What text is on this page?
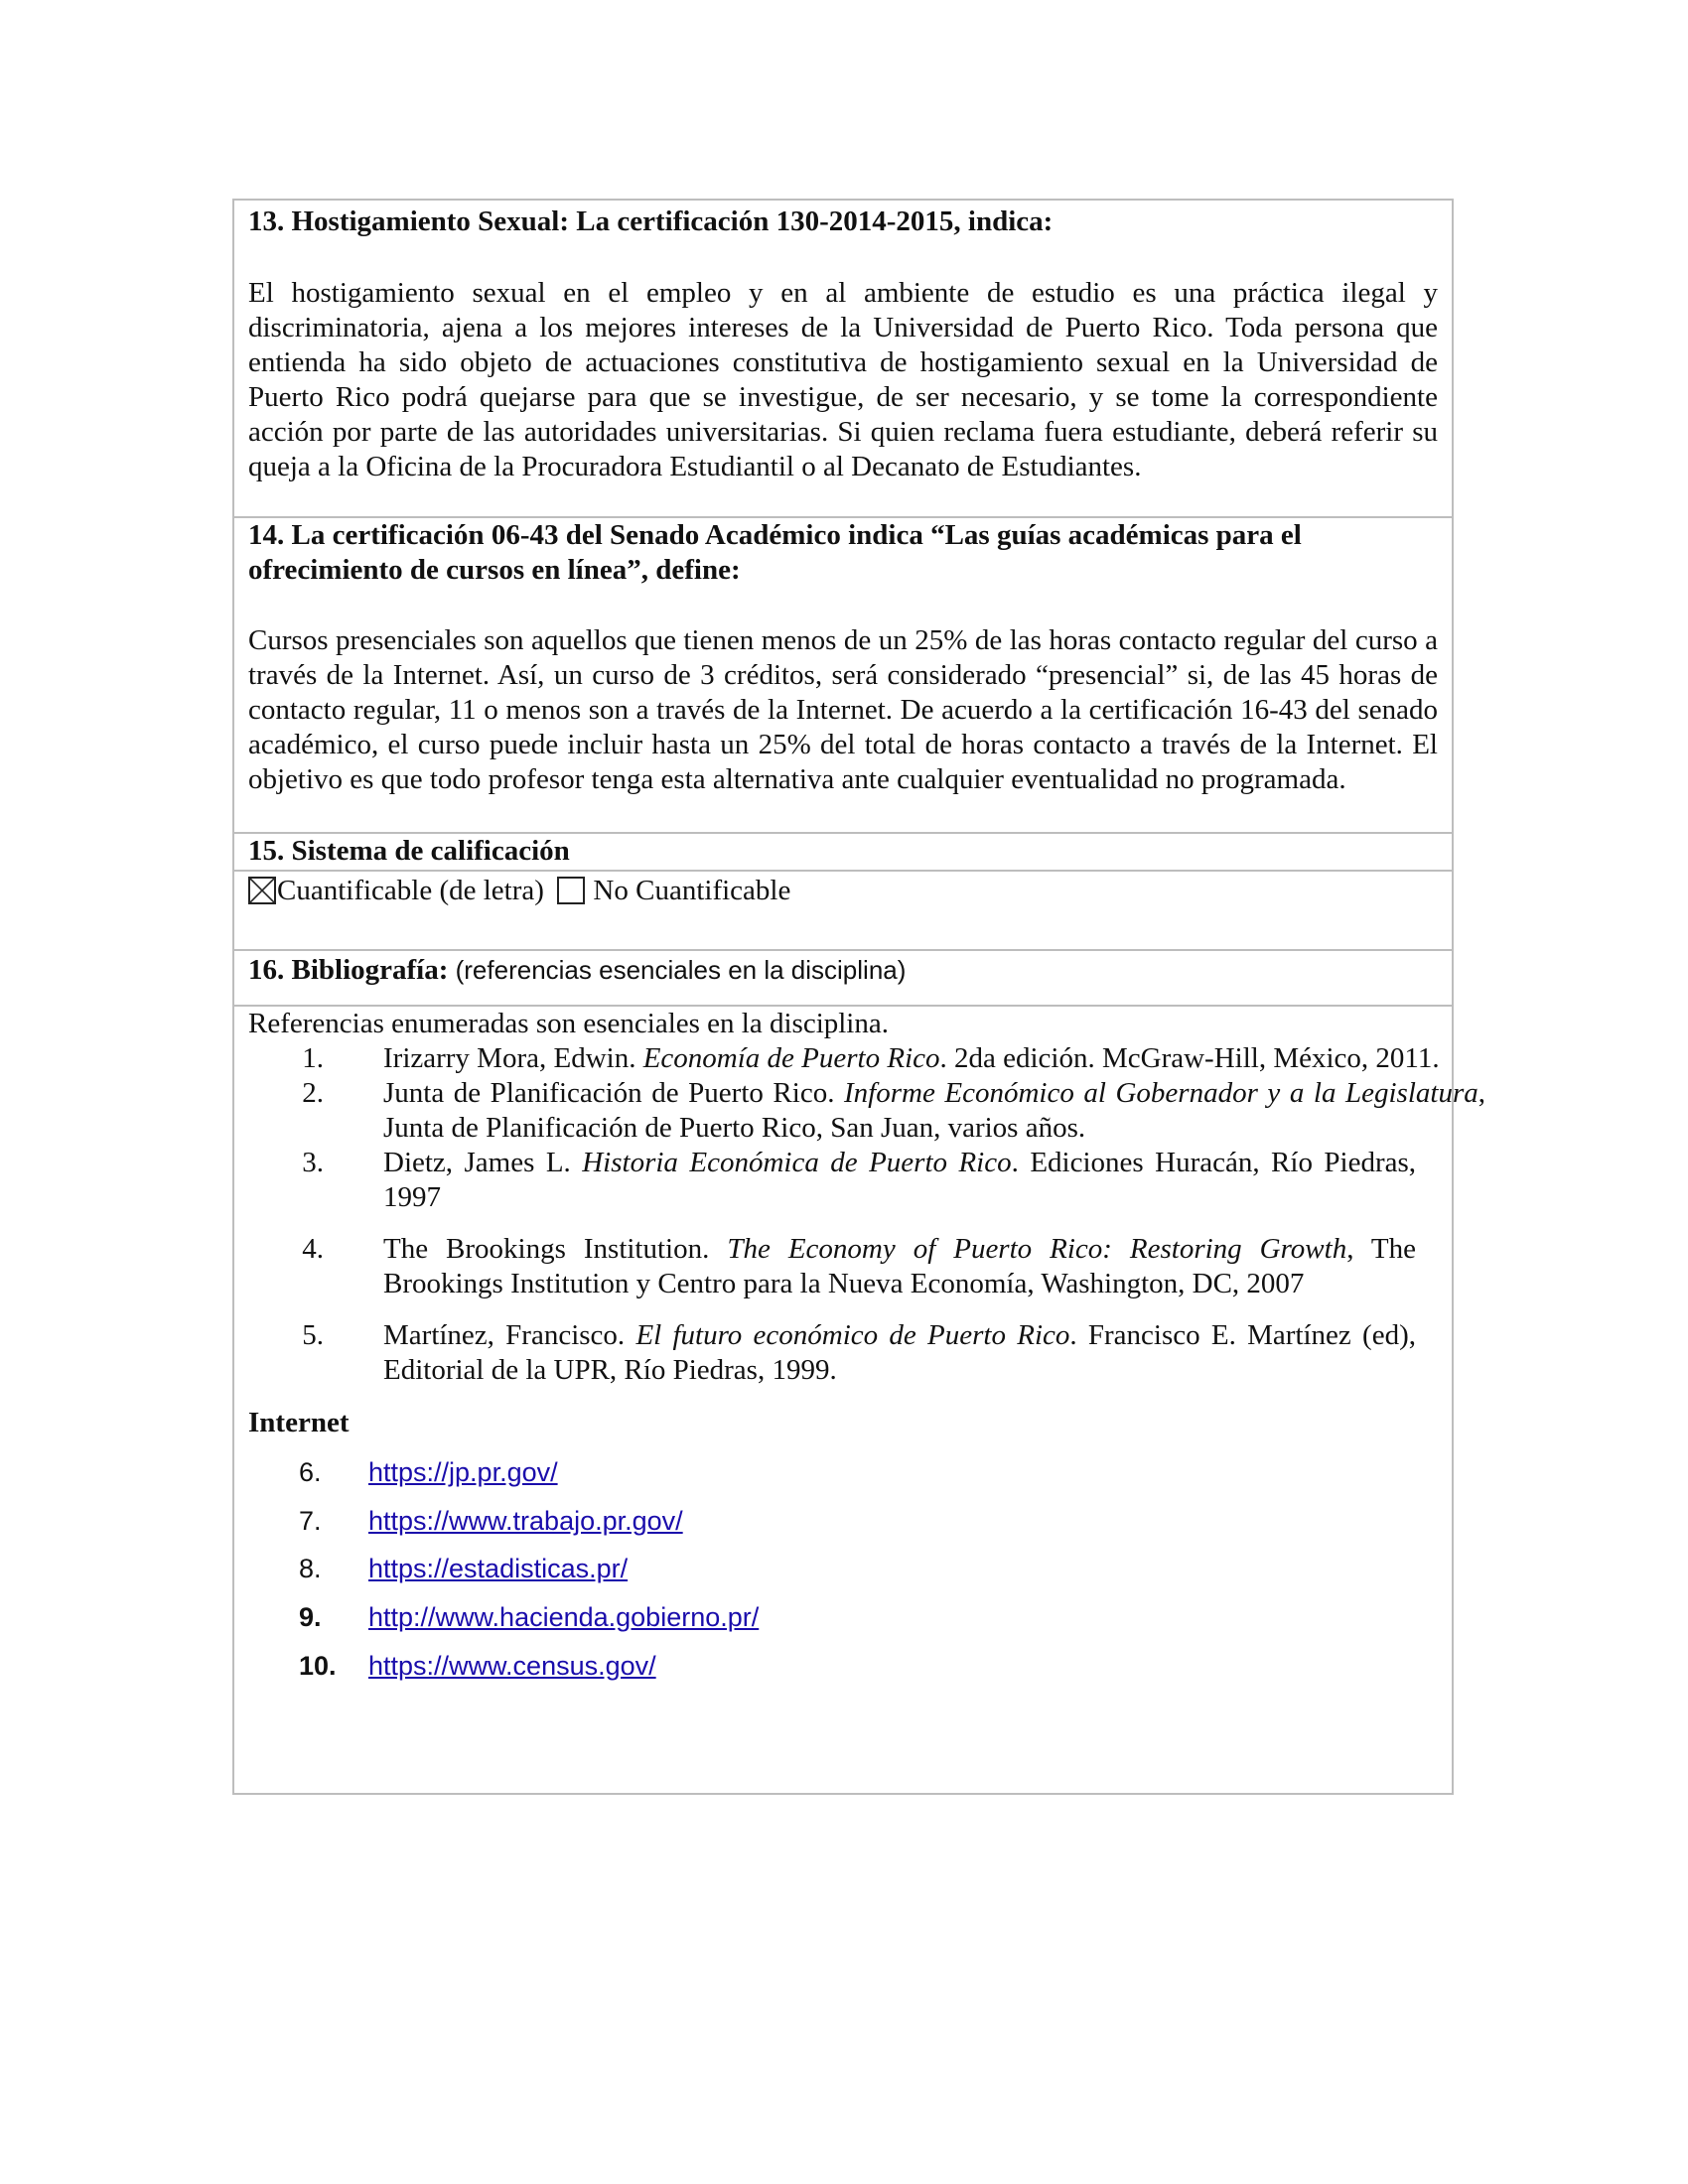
13. Hostigamiento Sexual: La certificación 130-2014-2015, indica:

El hostigamiento sexual en el empleo y en al ambiente de estudio es una práctica ilegal y discriminatoria, ajena a los mejores intereses de la Universidad de Puerto Rico. Toda persona que entienda ha sido objeto de actuaciones constitutiva de hostigamiento sexual en la Universidad de Puerto Rico podrá quejarse para que se investigue, de ser necesario, y se tome la correspondiente acción por parte de las autoridades universitarias. Si quien reclama fuera estudiante, deberá referir su queja a la Oficina de la Procuradora Estudiantil o al Decanato de Estudiantes.

14. La certificación 06-43 del Senado Académico indica “Las guías académicas para el

ofrecimiento de cursos en línea”, define:

Cursos presenciales son aquellos que tienen menos de un 25% de las horas contacto regular del curso a través de la Internet. Así, un curso de 3 créditos, será considerado “presencial” si, de las 45 horas de contacto regular, 11 o menos son a través de la Internet. De acuerdo a la certificación 16-43 del senado académico, el curso puede incluir hasta un 25% del total de horas contacto a través de la Internet. El objetivo es que todo profesor tenga esta alternativa ante cualquier eventualidad no programada.

15. Sistema de calificación

Cuantificable (de letra)  No Cuantificable

16. Bibliografía: (referencias esenciales en la disciplina)

Referencias enumeradas son esenciales en la disciplina.

1. Irizarry Mora, Edwin. Economía de Puerto Rico. 2da edición. McGraw-Hill, México, 2011.
2. Junta de Planificación de Puerto Rico. Informe Económico al Gobernador y a la Legislatura, Junta de Planificación de Puerto Rico, San Juan, varios años.
3. Dietz, James L. Historia Económica de Puerto Rico. Ediciones Huracán, Río Piedras, 1997
4. The Brookings Institution. The Economy of Puerto Rico: Restoring Growth, The Brookings Institution y Centro para la Nueva Economía, Washington, DC, 2007
5. Martínez, Francisco. El futuro económico de Puerto Rico. Francisco E. Martínez (ed), Editorial de la UPR, Río Piedras, 1999.

Internet

6.	https://jp.pr.gov/
7.	https://www.trabajo.pr.gov/
8.	https://estadisticas.pr/
9.	http://www.hacienda.gobierno.pr/
10.	https://www.census.gov/
